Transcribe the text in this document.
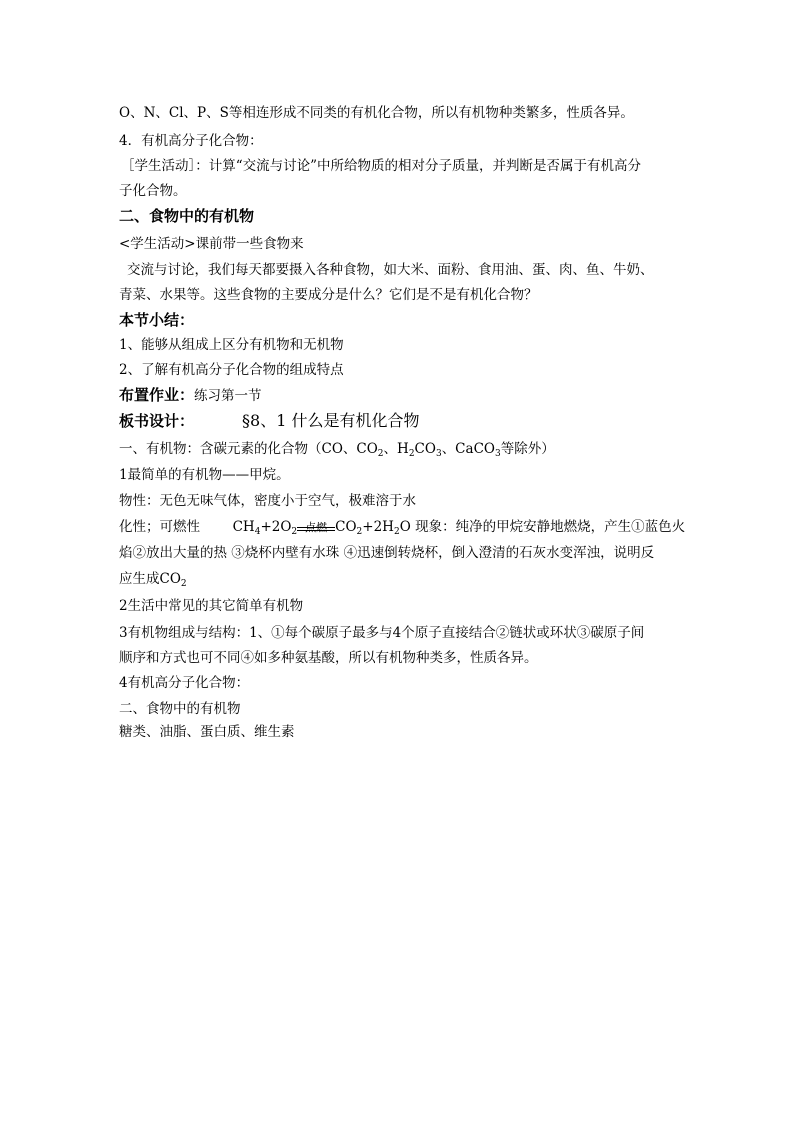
O、N、Cl、P、S等相连形成不同类的有机化合物，所以有机物种类繁多，性质各异。
4．有机高分子化合物：
［学生活动］：计算“交流与讨论”中所给物质的相对分子质量，并判断是否属于有机高分
子化合物。
二、食物中的有机物
<学生活动>课前带一些食物来
交流与讨论，我们每天都要摄入各种食物，如大米、面粉、食用油、蛋、肉、鱼、牛奶、
青菜、水果等。这些食物的主要成分是什么？它们是不是有机化合物？
本节小结：
1、能够从组成上区分有机物和无机物
2、了解有机高分子化合物的组成特点
布置作业：练习第一节
板书设计：	§8、1 什么是有机化合物
一、有机物：含碳元素的化合物（CO、$CO_2$、$H_2CO_3$、CaCO$_3$等除外）
1最简单的有机物——甲烷。
物性：无色无味气体，密度小于空气，极难溶于水
化性；可燃性 $CH_4+2O_2$ 点燃 $CO_2+2H_2O$ 现象：纯净的甲烷安静地燃烧，产生①蓝色火
焰②放出大量的热 ③烧杯内壁有水珠 ④迅速倒转烧杯，倒入澄清的石灰水变浑浊，说明反
应生成$CO_2$
2生活中常见的其它简单有机物
3有机物组成与结构：1、①每个碳原子最多与4个原子直接结合②链状或环状③碳原子间
顺序和方式也可不同④如多种氨基酸，所以有机物种类多，性质各异。
4有机高分子化合物：
二、食物中的有机物
糖类、油脂、蛋白质、维生素
